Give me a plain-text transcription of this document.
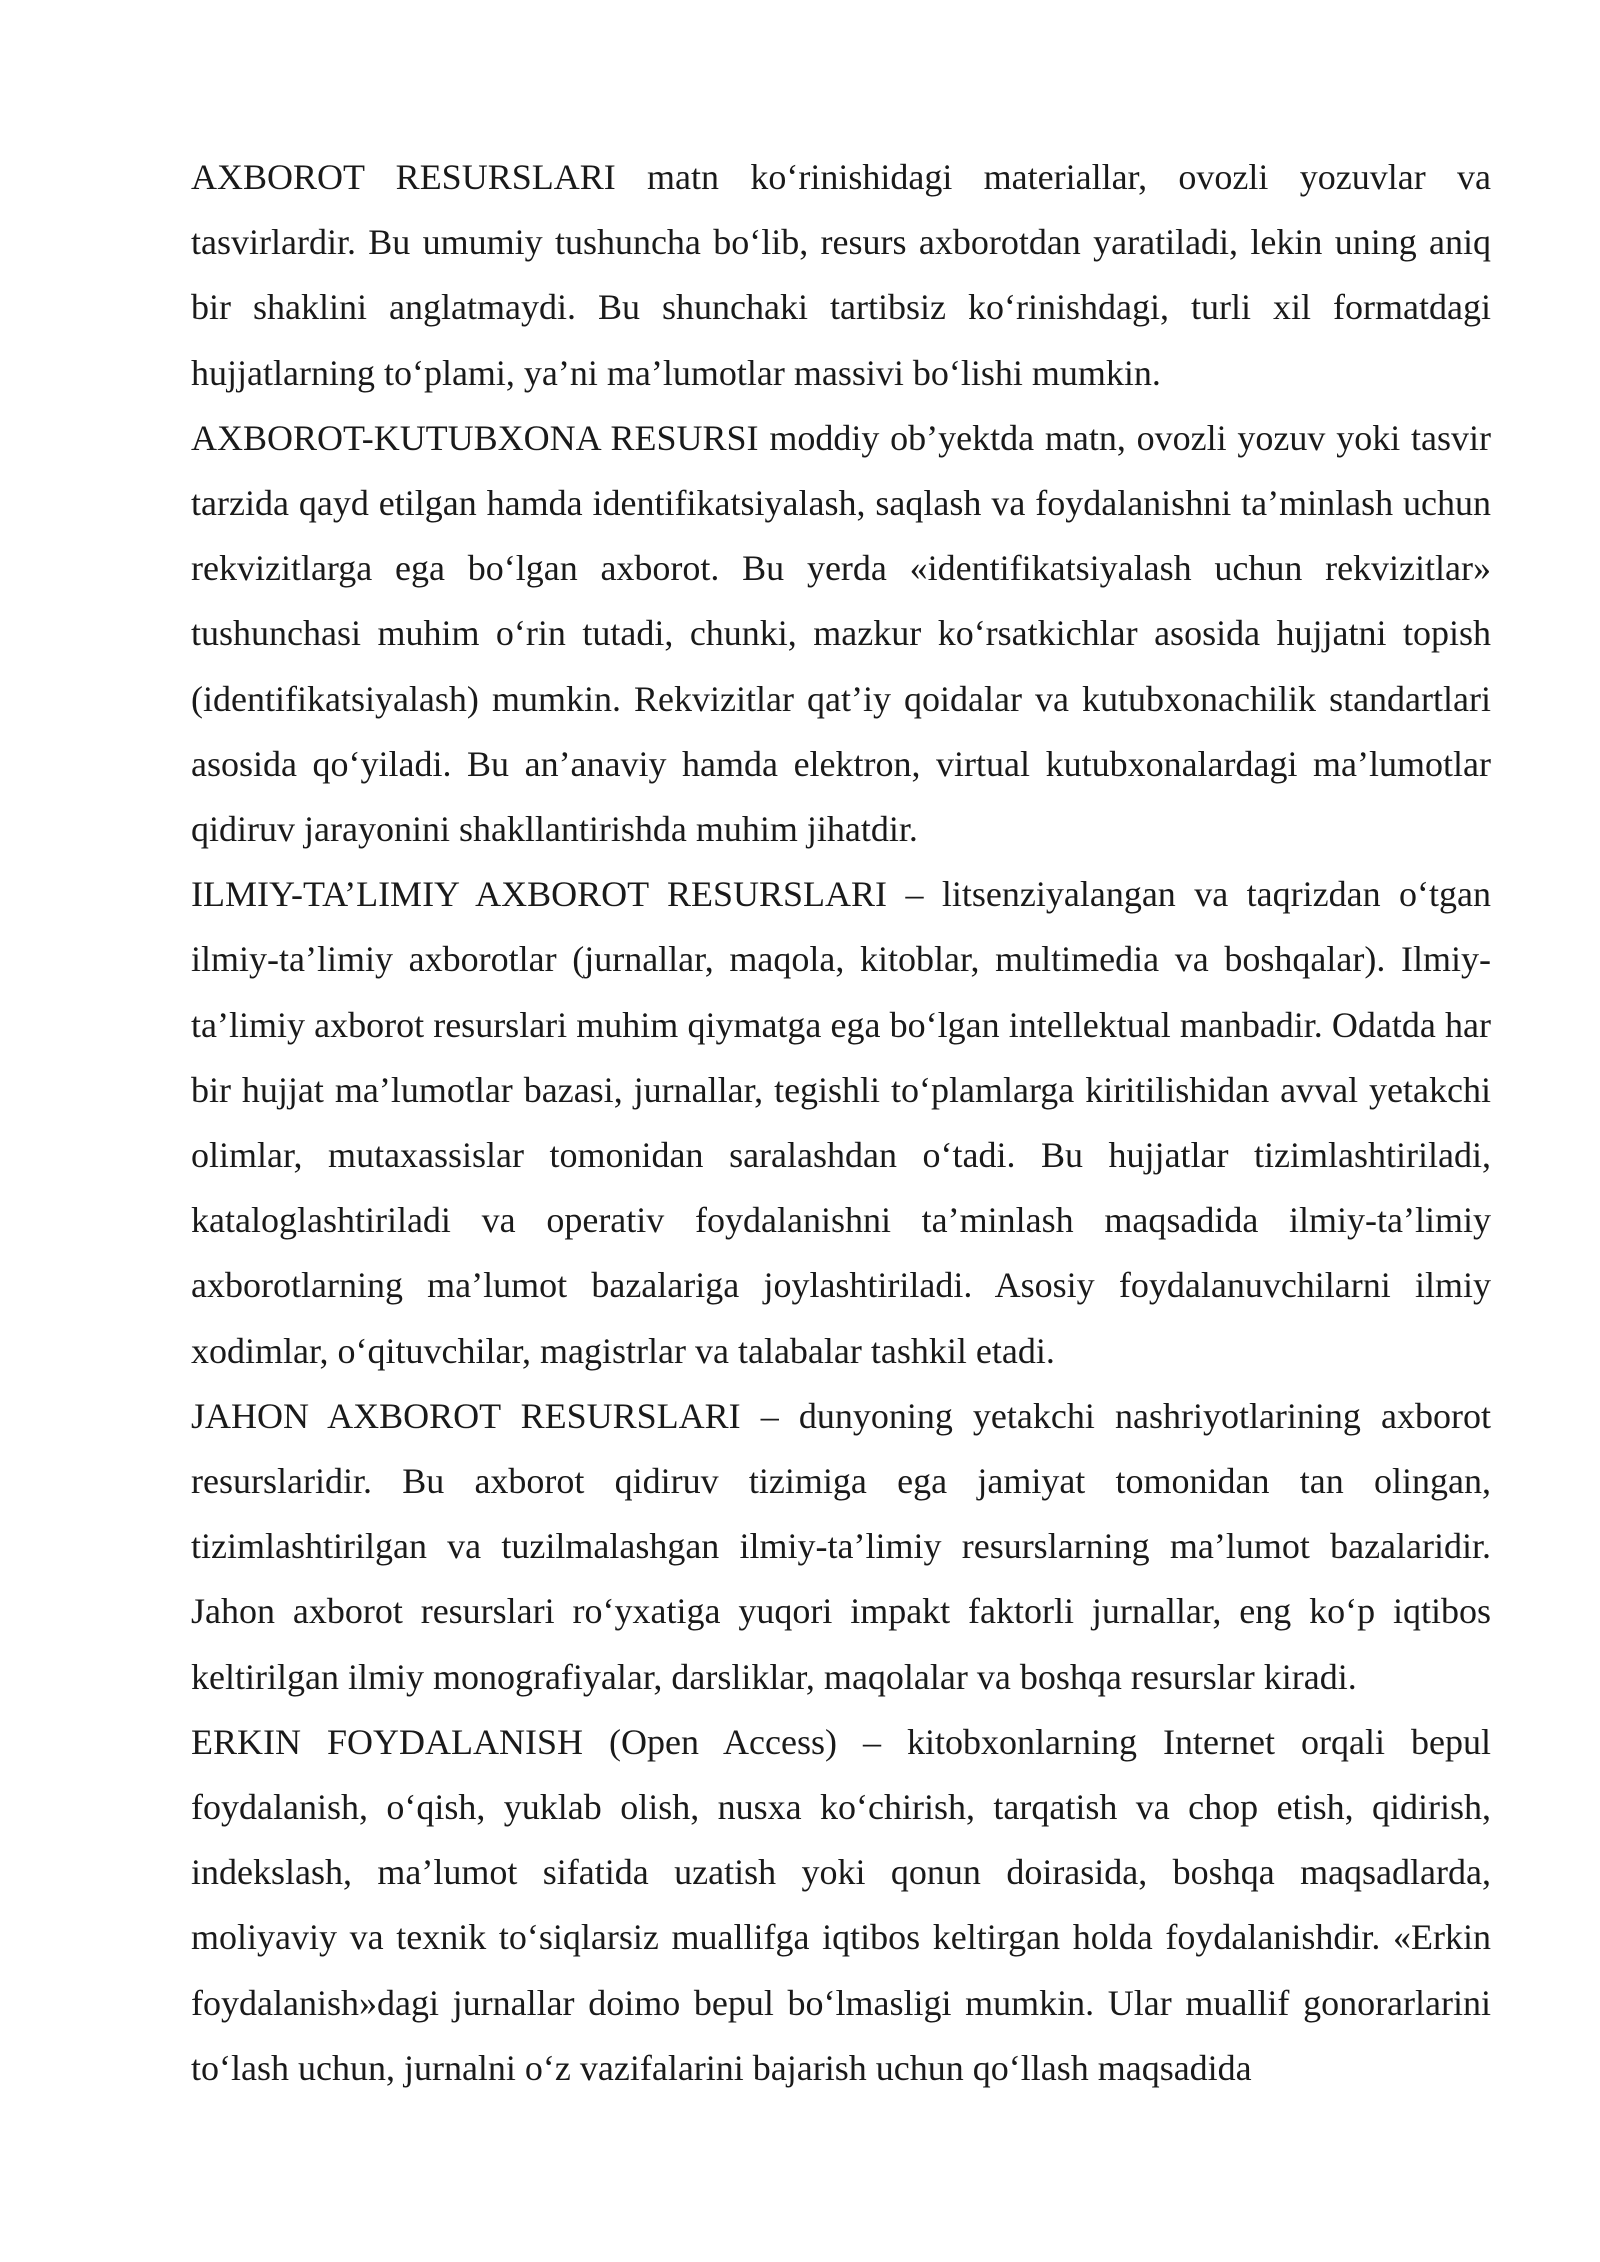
AXBOROT RESURSLARI matn ko‘rinishidagi materiallar, ovozli yozuvlar va tasvirlardir. Bu umumiy tushuncha bo‘lib, resurs axborotdan yaratiladi, lekin uning aniq bir shaklini anglatmaydi. Bu shunchaki tartibsiz ko‘rinishdagi, turli xil formatdagi hujjatlarning to‘plami, ya’ni ma’lumotlar massivi bo‘lishi mumkin.

AXBOROT-KUTUBXONA RESURSI moddiy ob’yektda matn, ovozli yozuv yoki tasvir tarzida qayd etilgan hamda identifikatsiyalash, saqlash va foydalanishni ta’minlash uchun rekvizitlarga ega bo‘lgan axborot. Bu yerda «identifikatsiyalash uchun rekvizitlar» tushunchasi muhim o‘rin tutadi, chunki, mazkur ko‘rsatkichlar asosida hujjatni topish (identifikatsiyalash) mumkin. Rekvizitlar qat’iy qoidalar va kutubxonachilik standartlari asosida qo‘yiladi. Bu an’anaviy hamda elektron, virtual kutubxonalardagi ma’lumotlar qidiruv jarayonini shakllantirishda muhim jihatdir.

ILMIY-TA’LIMIY AXBOROT RESURSLARI – litsenziyalangan va taqrizdan o‘tgan ilmiy-ta’limiy axborotlar (jurnallar, maqola, kitoblar, multimedia va boshqalar). Ilmiy-ta’limiy axborot resurslari muhim qiymatga ega bo‘lgan intellektual manbadir. Odatda har bir hujjat ma’lumotlar bazasi, jurnallar, tegishli to‘plamlarga kiritilishidan avval yetakchi olimlar, mutaxassislar tomonidan saralashdan o‘tadi. Bu hujjatlar tizimlashtiriladi, kataloglashtiriladi va operativ foydalanishni ta’minlash maqsadida ilmiy-ta’limiy axborotlarning ma’lumot bazalariga joylashtiriladi. Asosiy foydalanuvchilarni ilmiy xodimlar, o‘qituvchilar, magistrlar va talabalar tashkil etadi.

JAHON AXBOROT RESURSLARI – dunyoning yetakchi nashriyotlarining axborot resurslaridir. Bu axborot qidiruv tizimiga ega jamiyat tomonidan tan olingan, tizimlashtirilgan va tuzilmalashgan ilmiy-ta’limiy resurslarning ma’lumot bazalaridir. Jahon axborot resurslari ro‘yxatiga yuqori impakt faktorli jurnallar, eng ko‘p iqtibos keltirilgan ilmiy monografiyalar, darsliklar, maqolalar va boshqa resurslar kiradi.

ERKIN FOYDALANISH (Open Access) – kitobxonlarning Internet orqali bepul foydalanish, o‘qish, yuklab olish, nusxa ko‘chirish, tarqatish va chop etish, qidirish, indekslash, ma’lumot sifatida uzatish yoki qonun doirasida, boshqa maqsadlarda, moliyaviy va texnik to‘siqlarsiz muallifga iqtibos keltirgan holda foydalanishdir. «Erkin foydalanish»dagi jurnallar doimo bepul bo‘lmasligi mumkin. Ular muallif gonorarlarini to‘lash uchun, jurnalni o‘z vazifalarini bajarish uchun qo‘llash maqsadida
